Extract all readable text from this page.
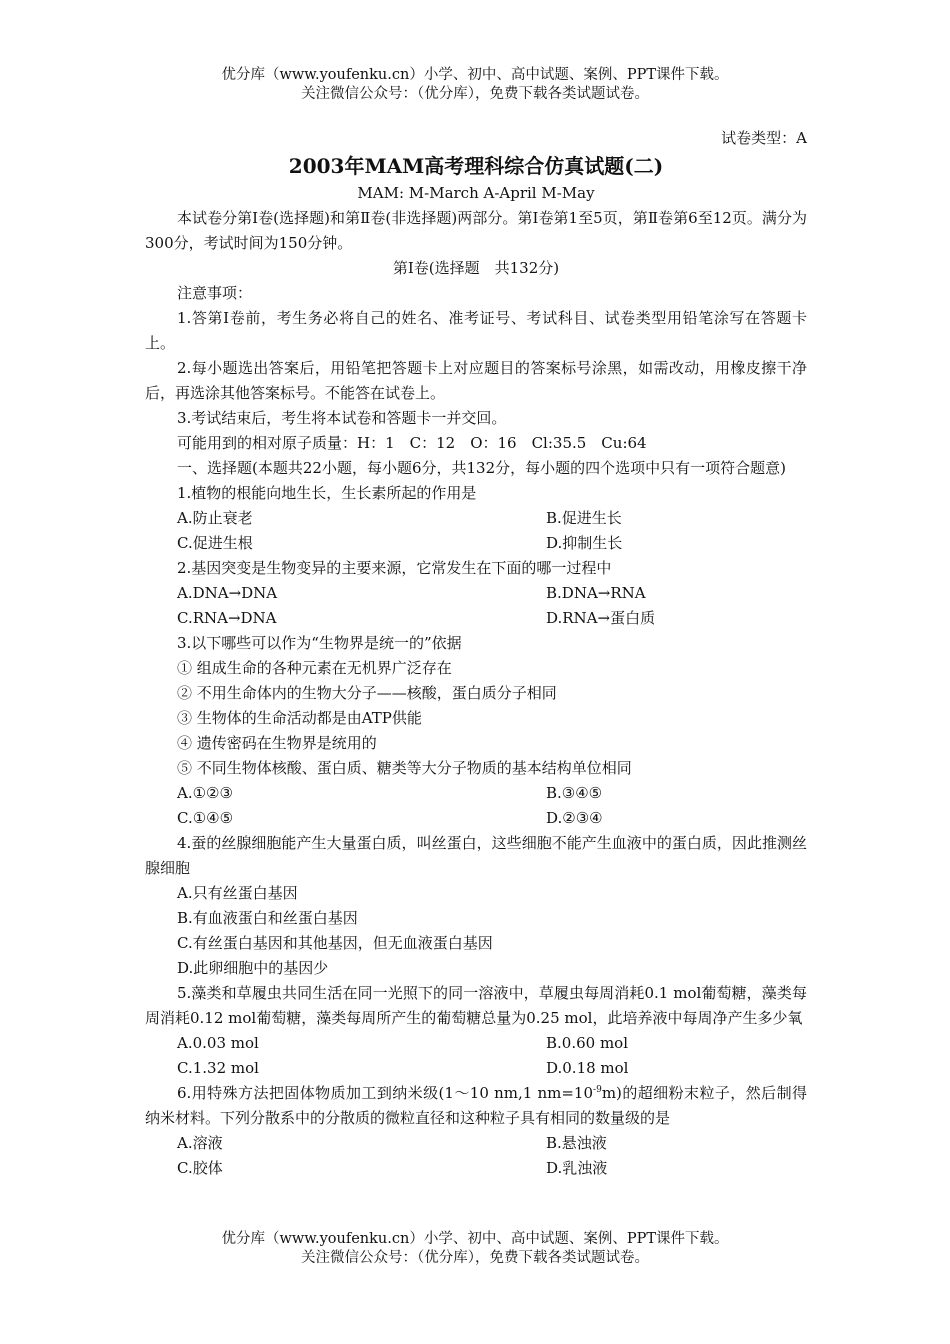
优分库（www.youfenku.cn）小学、初中、高中试题、案例、PPT课件下载。
关注微信公众号：（优分库），免费下载各类试题试卷。
试卷类型：A
2003年MAM高考理科综合仿真试题(二)
MAM: M-March A-April M-May
本试卷分第Ⅰ卷(选择题)和第Ⅱ卷(非选择题)两部分。第Ⅰ卷第1至5页，第Ⅱ卷第6至12页。满分为300分，考试时间为150分钟。
第Ⅰ卷(选择题　共132分)
注意事项：
1.答第Ⅰ卷前，考生务必将自己的姓名、准考证号、考试科目、试卷类型用铅笔涂写在答题卡上。
2.每小题选出答案后，用铅笔把答题卡上对应题目的答案标号涂黑，如需改动，用橡皮擦干净后，再选涂其他答案标号。不能答在试卷上。
3.考试结束后，考生将本试卷和答题卡一并交回。
可能用到的相对原子质量：H：1　C：12　O：16　Cl:35.5　Cu:64
一、选择题(本题共22小题，每小题6分，共132分，每小题的四个选项中只有一项符合题意)
1.植物的根能向地生长，生长素所起的作用是
A.防止衰老	B.促进生长
C.促进生根	D.抑制生长
2.基因突变是生物变异的主要来源，它常发生在下面的哪一过程中
A.DNA→DNA	B.DNA→RNA
C.RNA→DNA	D.RNA→蛋白质
3.以下哪些可以作为“生物界是统一的”依据
① 组成生命的各种元素在无机界广泛存在
② 不用生命体内的生物大分子——核酸，蛋白质分子相同
③ 生物体的生命活动都是由ATP供能
④ 遗传密码在生物界是统用的
⑤ 不同生物体核酸、蛋白质、糖类等大分子物质的基本结构单位相同
A.①②③	B.③④⑤
C.①④⑤	D.②③④
4.蚕的丝腺细胞能产生大量蛋白质，叫丝蛋白，这些细胞不能产生血液中的蛋白质，因此推测丝腺细胞
A.只有丝蛋白基因
B.有血液蛋白和丝蛋白基因
C.有丝蛋白基因和其他基因，但无血液蛋白基因
D.此卵细胞中的基因少
5.藻类和草履虫共同生活在同一光照下的同一溶液中，草履虫每周消耗0.1 mol葡萄糖，藻类每周消耗0.12 mol葡萄糖，藻类每周所产生的葡萄糖总量为0.25 mol，此培养液中每周净产生多少氧
A.0.03 mol	B.0.60 mol
C.1.32 mol	D.0.18 mol
6.用特殊方法把固体物质加工到纳米级(1～10 nm,1 $nm=10^{-9}m$)的超细粉末粒子，然后制得纳米材料。下列分散系中的分散质的微粒直径和这种粒子具有相同的数量级的是
A.溶液	B.悬浊液
C.胶体	D.乳浊液
优分库（www.youfenku.cn）小学、初中、高中试题、案例、PPT课件下载。
关注微信公众号：（优分库），免费下载各类试题试卷。
